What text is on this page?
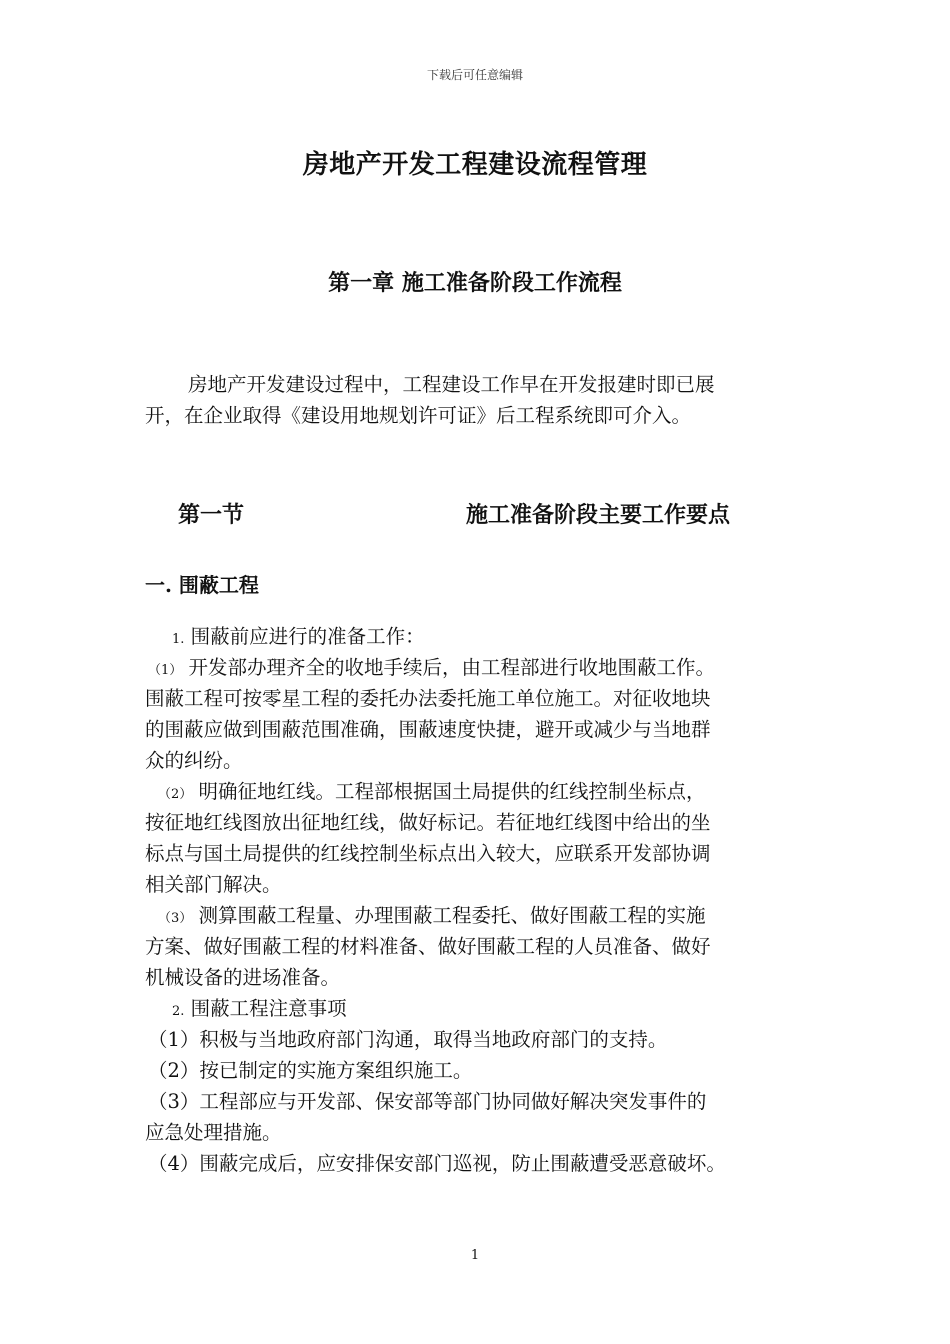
下载后可任意编辑
房地产开发工程建设流程管理
第一章 施工准备阶段工作流程
房地产开发建设过程中，工程建设工作早在开发报建时即已展
开，在企业取得《建设用地规划许可证》后工程系统即可介入。
第一节	施工准备阶段主要工作要点
一. 围蔽工程
1. 围蔽前应进行的准备工作：
（1） 开发部办理齐全的收地手续后，由工程部进行收地围蔽工作。
围蔽工程可按零星工程的委托办法委托施工单位施工。对征收地块
的围蔽应做到围蔽范围准确，围蔽速度快捷，避开或减少与当地群
众的纠纷。
（2） 明确征地红线。工程部根据国土局提供的红线控制坐标点，
按征地红线图放出征地红线，做好标记。若征地红线图中给出的坐
标点与国土局提供的红线控制坐标点出入较大，应联系开发部协调
相关部门解决。
（3） 测算围蔽工程量、办理围蔽工程委托、做好围蔽工程的实施
方案、做好围蔽工程的材料准备、做好围蔽工程的人员准备、做好
机械设备的进场准备。
2. 围蔽工程注意事项
（1）积极与当地政府部门沟通，取得当地政府部门的支持。
（2）按已制定的实施方案组织施工。
（3）工程部应与开发部、保安部等部门协同做好解决突发事件的
应急处理措施。
（4）围蔽完成后，应安排保安部门巡视，防止围蔽遭受恶意破坏。
1
